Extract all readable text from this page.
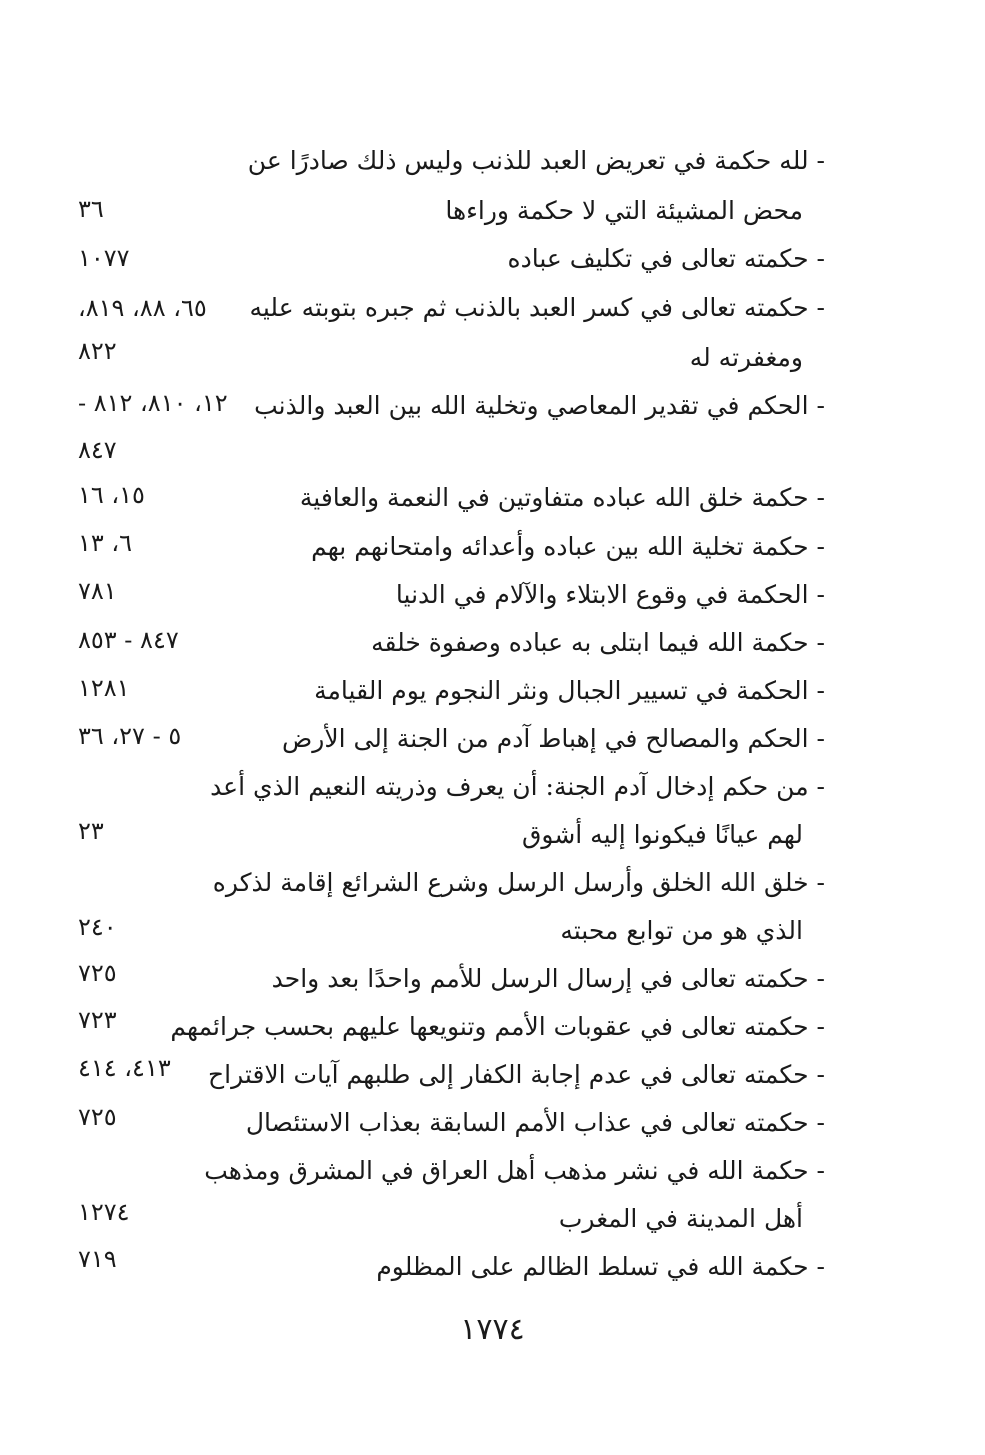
- لله حكمة في تعريض العبد للذنب وليس ذلك صادرًا عن
محض المشيئة التي لا حكمة وراءها
٣٦
- حكمته تعالى في تكليف عباده
١٠٧٧
- حكمته تعالى في كسر العبد بالذنب ثم جبره بتوبته عليه
ومغفرته له
٦٥، ٨٨، ٨١٩،
٨٢٢
- الحكم في تقدير المعاصي وتخلية الله بين العبد والذنب
١٢، ٨١٠، ٨١٢ -
٨٤٧
- حكمة خلق الله عباده متفاوتين في النعمة والعافية
١٥، ١٦
- حكمة تخلية الله بين عباده وأعدائه وامتحانهم بهم
٦، ١٣
- الحكمة في وقوع الابتلاء والآلام في الدنيا
٧٨١
- حكمة الله فيما ابتلى به عباده وصفوة خلقه
٨٤٧ - ٨٥٣
- الحكمة في تسيير الجبال ونثر النجوم يوم القيامة
١٢٨١
- الحكم والمصالح في إهباط آدم من الجنة إلى الأرض
٥ - ٢٧، ٣٦
- من حكم إدخال آدم الجنة: أن يعرف وذريته النعيم الذي أعد
لهم عيانًا فيكونوا إليه أشوق
٢٣
- خلق الله الخلق وأرسل الرسل وشرع الشرائع إقامة لذكره
الذي هو من توابع محبته
٢٤٠
- حكمته تعالى في إرسال الرسل للأمم واحدًا بعد واحد
٧٢٥
- حكمته تعالى في عقوبات الأمم وتنويعها عليهم بحسب جرائمهم
٧٢٣
- حكمته تعالى في عدم إجابة الكفار إلى طلبهم آيات الاقتراح
٤١٣، ٤١٤
- حكمته تعالى في عذاب الأمم السابقة بعذاب الاستئصال
٧٢٥
- حكمة الله في نشر مذهب أهل العراق في المشرق ومذهب
أهل المدينة في المغرب
١٢٧٤
- حكمة الله في تسلط الظالم على المظلوم
٧١٩
١٧٧٤
